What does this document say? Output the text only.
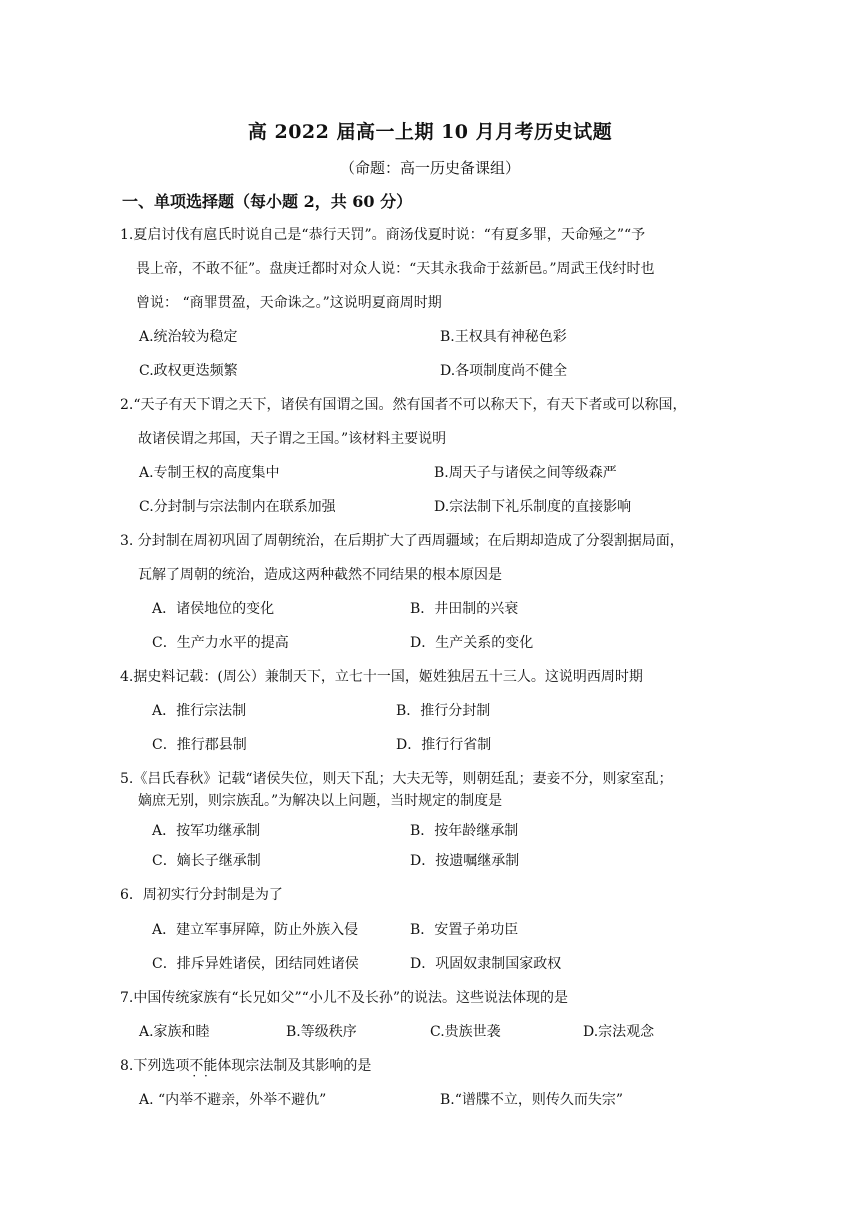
高 2022 届高一上期 10 月月考历史试题
（命题：高一历史备课组）
一、单项选择题（每小题 2，共 60 分）
1.夏启讨伐有扈氏时说自己是“恭行天罚”。商汤伐夏时说：“有夏多罪，天命殛之”“予
畏上帝，不敢不征”。盘庚迁都时对众人说：“天其永我命于兹新邑。”周武王伐纣时也
曾说： “商罪贯盈，天命诛之。”这说明夏商周时期
A.统治较为稳定	B.王权具有神秘色彩
C.政权更迭频繁	D.各项制度尚不健全
2.“天子有天下谓之天下，诸侯有国谓之国。然有国者不可以称天下，有天下者或可以称国，
故诸侯谓之邦国，天子谓之王国。”该材料主要说明
A.专制王权的高度集中	B.周天子与诸侯之间等级森严
C.分封制与宗法制内在联系加强	D.宗法制下礼乐制度的直接影响
3. 分封制在周初巩固了周朝统治，在后期扩大了西周疆域；在后期却造成了分裂割据局面，
瓦解了周朝的统治，造成这两种截然不同结果的根本原因是
A．诸侯地位的变化	B．井田制的兴衰
C．生产力水平的提高	D．生产关系的变化
4.据史料记载：(周公）兼制天下，立七十一国，姬姓独居五十三人。这说明西周时期
A．推行宗法制	B．推行分封制
C．推行郡县制	D．推行行省制
5.《吕氏春秋》记载“诸侯失位，则天下乱；大夫无等，则朝廷乱；妻妾不分，则家室乱；
嫡庶无别，则宗族乱。”为解决以上问题，当时规定的制度是
A．按军功继承制	B．按年龄继承制
C．嫡长子继承制	D．按遗嘱继承制
6．周初实行分封制是为了
A．建立军事屏障，防止外族入侵	B．安置子弟功臣
C．排斥异姓诸侯，团结同姓诸侯	D．巩固奴隶制国家政权
7.中国传统家族有“长兄如父”“小儿不及长孙”的说法。这些说法体现的是
A.家族和睦	B.等级秩序	C.贵族世袭	D.宗法观念
8.下列选项不能 · ·体现宗法制及其影响的是
A. “内举不避亲，外举不避仇”	B.“谱牒不立，则传久而失宗”
